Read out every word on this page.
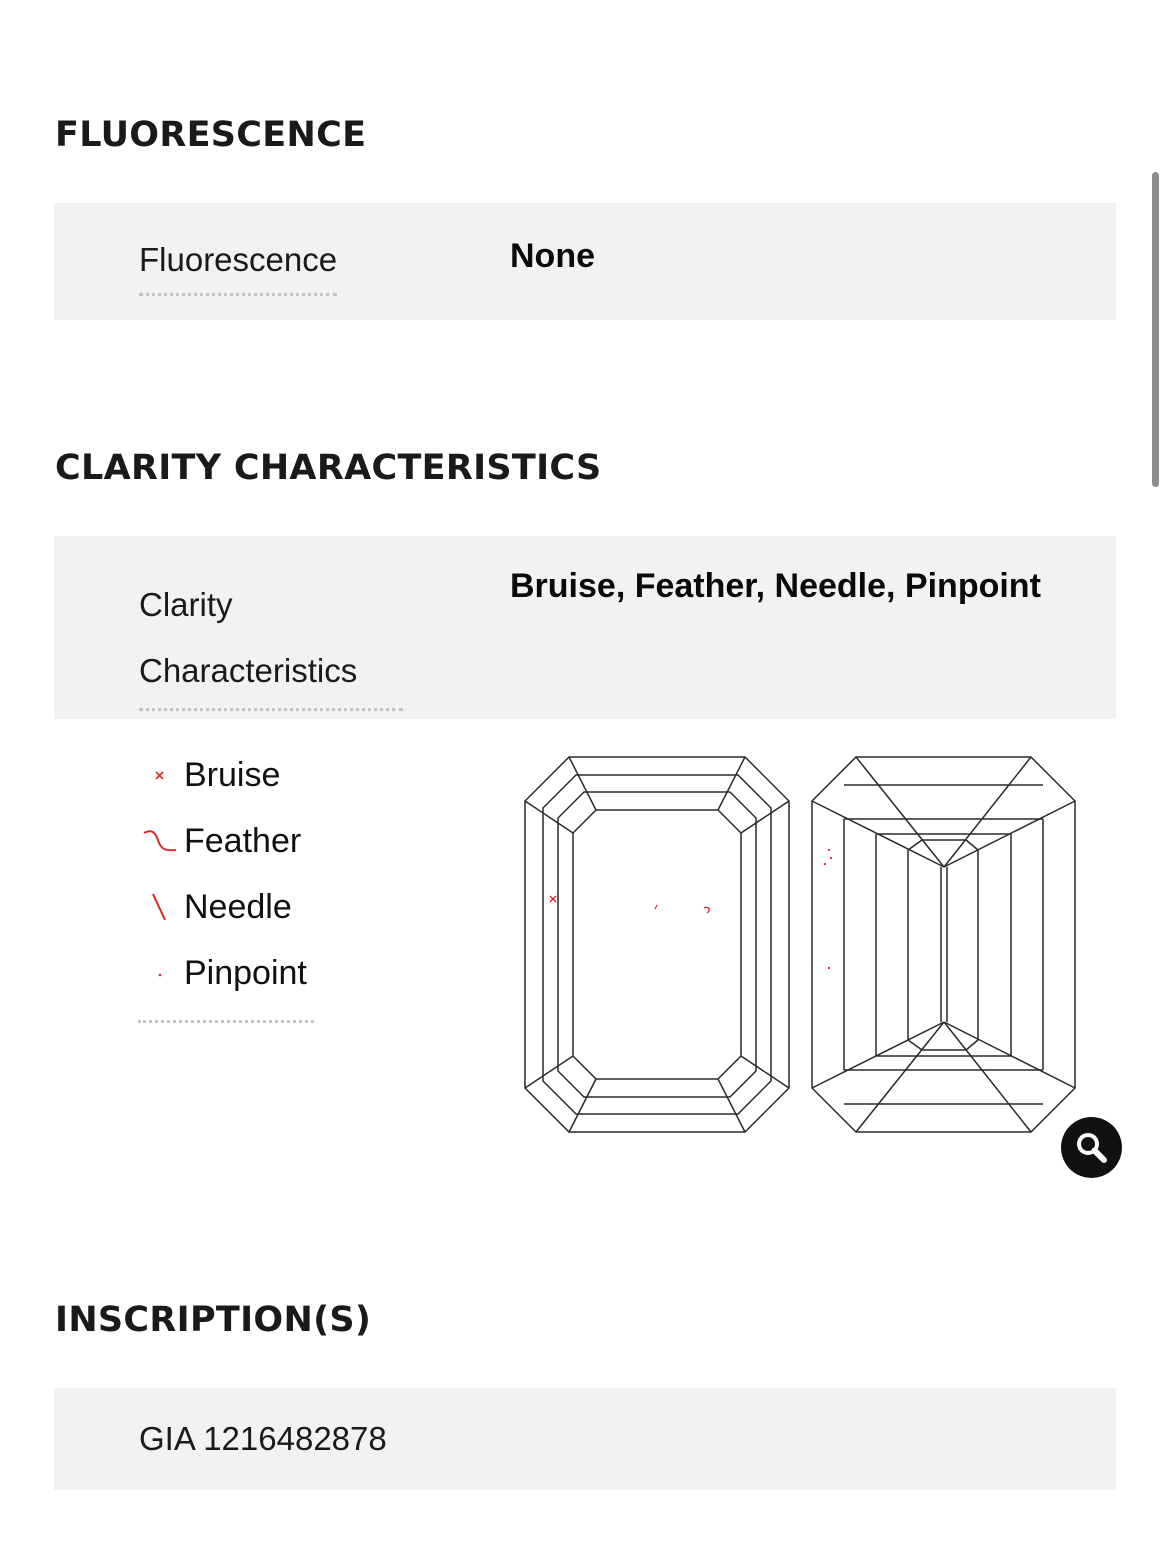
FLUORESCENCE
Fluorescence	None
CLARITY CHARACTERISTICS
Clarity
Characteristics
Bruise, Feather, Needle, Pinpoint
Bruise
Feather
Needle
Pinpoint
INSCRIPTION(S)
GIA 1216482878
